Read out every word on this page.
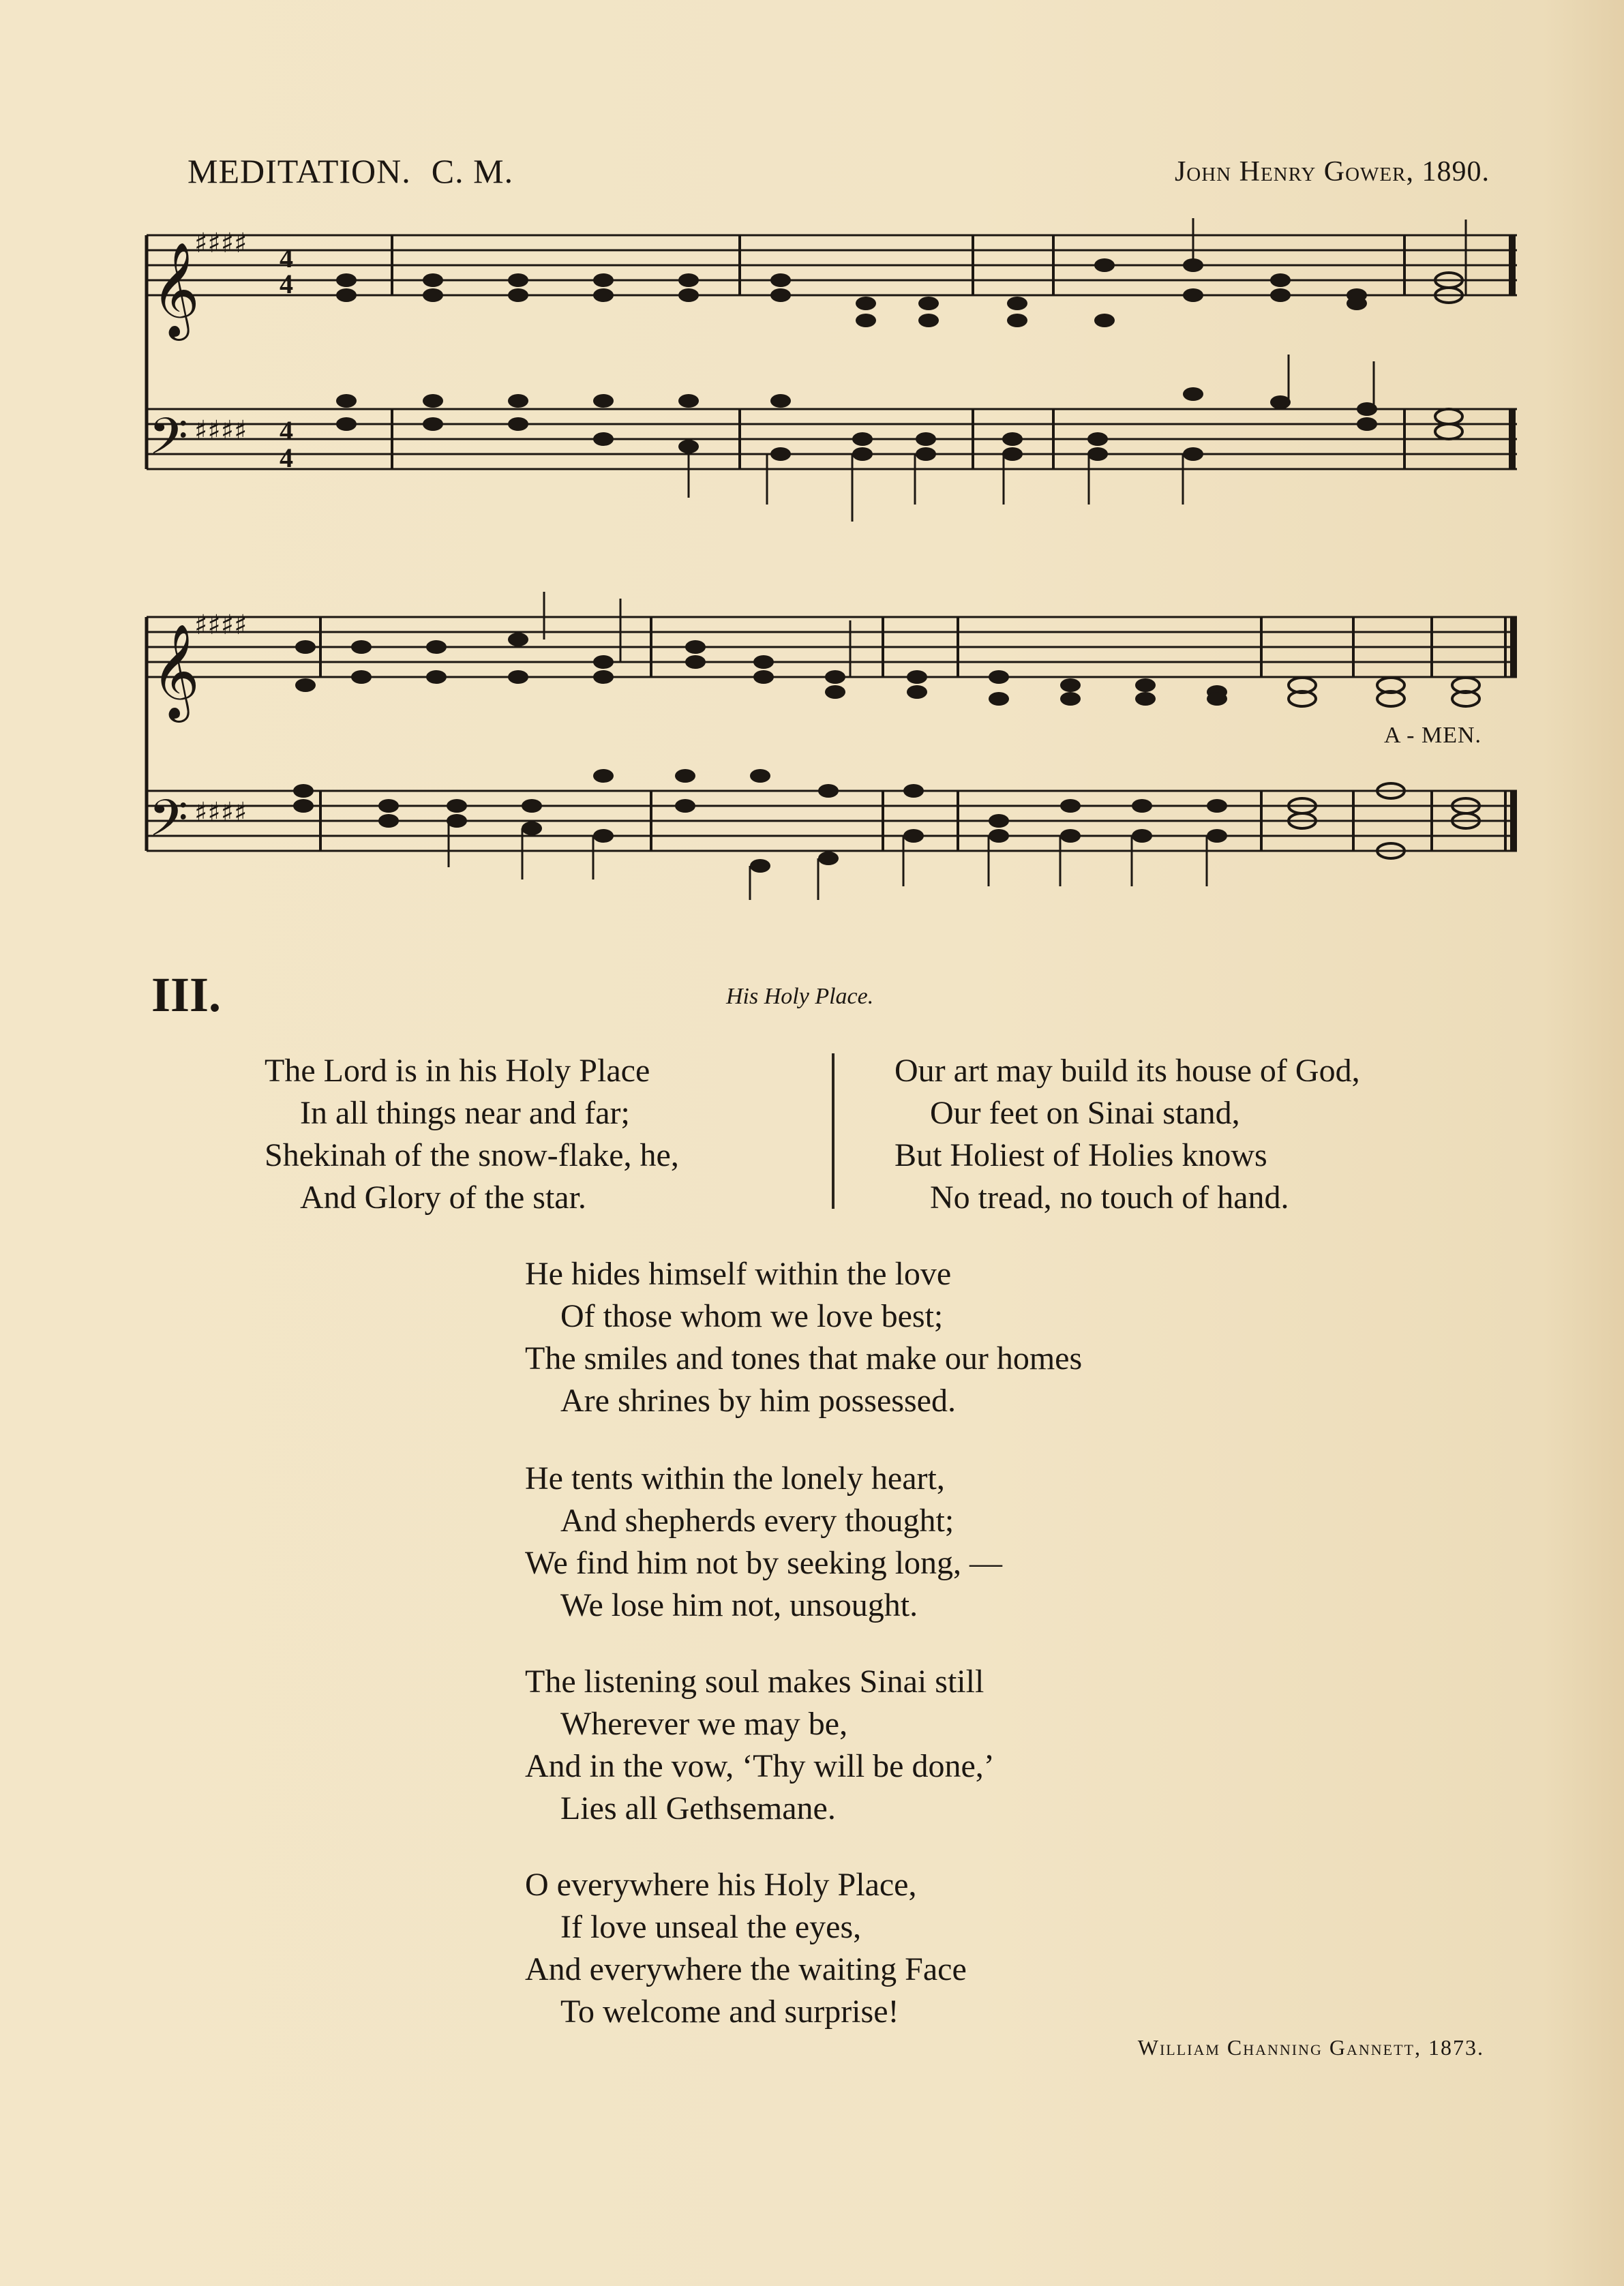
MEDITATION. C. M.	John Henry Gower, 1890.
𝄞
♯♯♯♯ 4
4
𝄢 ♯♯♯♯ 4
4
𝄞
♯♯♯♯
𝄢 ♯♯♯♯
A - MEN.
III.	His Holy Place.
The Lord is in his Holy Place
In all things near and far;
Shekinah of the snow-flake, he,
And Glory of the star.
Our art may build its house of God,
Our feet on Sinai stand,
But Holiest of Holies knows
No tread, no touch of hand.
He hides himself within the love
Of those whom we love best;
The smiles and tones that make our homes
Are shrines by him possessed.
He tents within the lonely heart,
And shepherds every thought;
We find him not by seeking long, —
We lose him not, unsought.
The listening soul makes Sinai still
Wherever we may be,
And in the vow, ‘Thy will be done,’
Lies all Gethsemane.
O everywhere his Holy Place,
If love unseal the eyes,
And everywhere the waiting Face
To welcome and surprise!
William Channing Gannett, 1873.
